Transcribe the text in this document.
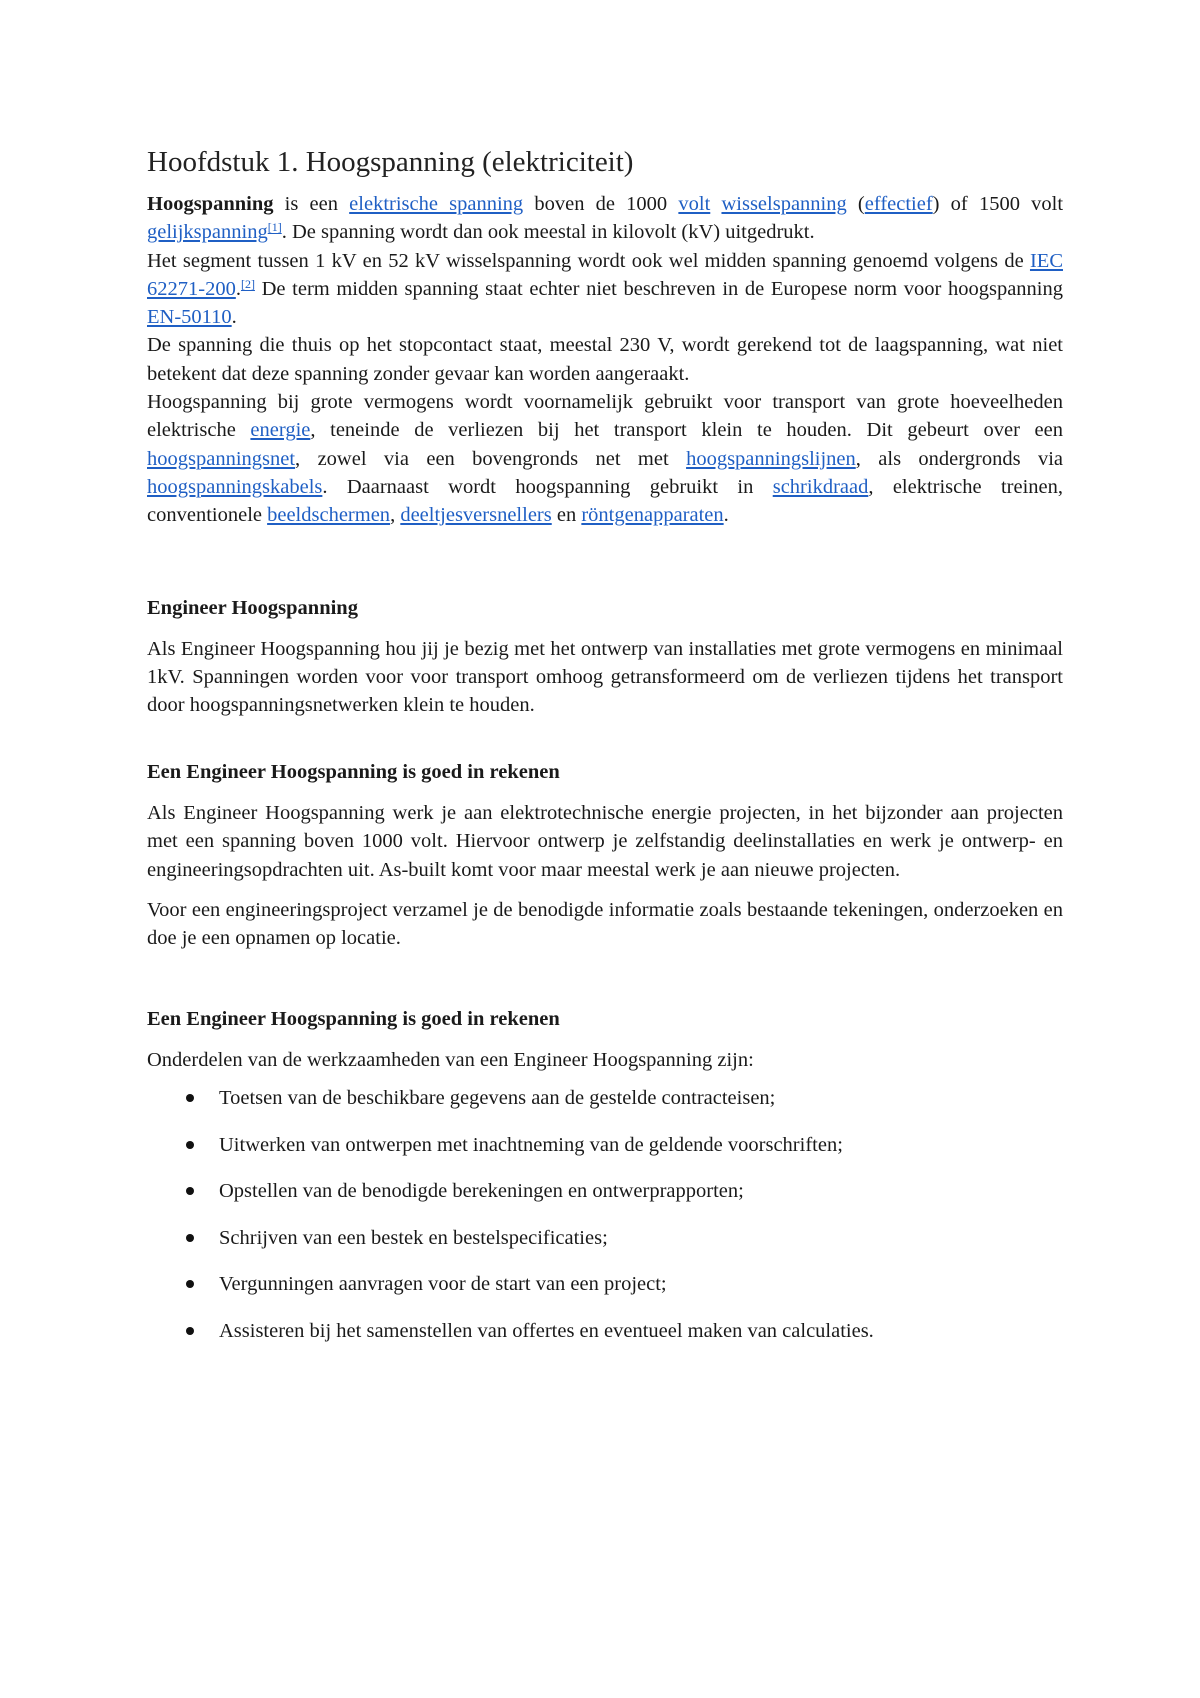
Hoofdstuk 1. Hoogspanning (elektriciteit)

Hoogspanning is een elektrische spanning boven de 1000 volt wisselspanning (effectief) of 1500 volt gelijkspanning[1]. De spanning wordt dan ook meestal in kilovolt (kV) uitgedrukt.

Het segment tussen 1 kV en 52 kV wisselspanning wordt ook wel midden spanning genoemd volgens de IEC 62271-200.[2] De term midden spanning staat echter niet beschreven in de Europese norm voor hoogspanning EN-50110.

De spanning die thuis op het stopcontact staat, meestal 230 V, wordt gerekend tot de laagspanning, wat niet betekent dat deze spanning zonder gevaar kan worden aangeraakt.

Hoogspanning bij grote vermogens wordt voornamelijk gebruikt voor transport van grote hoeveelheden elektrische energie, teneinde de verliezen bij het transport klein te houden. Dit gebeurt over een hoogspanningsnet, zowel via een bovengronds net met hoogspanningslijnen, als ondergronds via hoogspanningskabels. Daarnaast wordt hoogspanning gebruikt in schrikdraad, elektrische treinen, conventionele beeldschermen, deeltjesversnellers en röntgenapparaten.

Engineer Hoogspanning

Als Engineer Hoogspanning hou jij je bezig met het ontwerp van installaties met grote vermogens en minimaal 1kV. Spanningen worden voor voor transport omhoog getransformeerd om de verliezen tijdens het transport door hoogspanningsnetwerken klein te houden.

Een Engineer Hoogspanning is goed in rekenen

Als Engineer Hoogspanning werk je aan elektrotechnische energie projecten, in het bijzonder aan projecten met een spanning boven 1000 volt. Hiervoor ontwerp je zelfstandig deelinstallaties en werk je ontwerp- en engineeringsopdrachten uit. As-built komt voor maar meestal werk je aan nieuwe projecten.

Voor een engineeringsproject verzamel je de benodigde informatie zoals bestaande tekeningen, onderzoeken en doe je een opnamen op locatie.

Een Engineer Hoogspanning is goed in rekenen

Onderdelen van de werkzaamheden van een Engineer Hoogspanning zijn:

Toetsen van de beschikbare gegevens aan de gestelde contracteisen;
Uitwerken van ontwerpen met inachtneming van de geldende voorschriften;
Opstellen van de benodigde berekeningen en ontwerprapporten;
Schrijven van een bestek en bestelspecificaties;
Vergunningen aanvragen voor de start van een project;
Assisteren bij het samenstellen van offertes en eventueel maken van calculaties.
